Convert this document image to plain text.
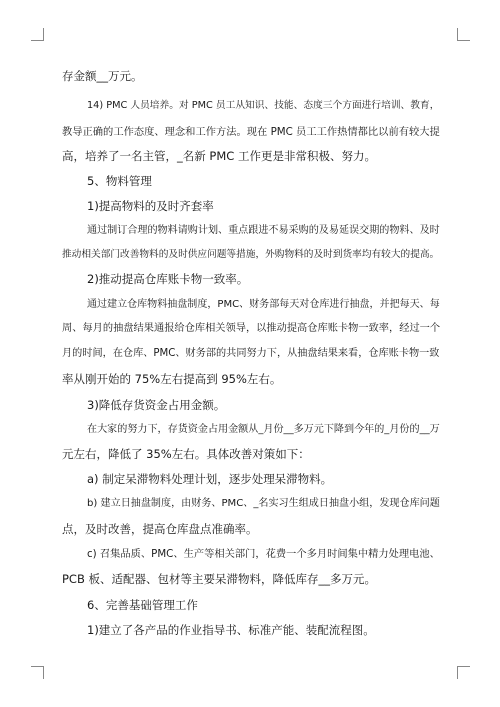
存金额__万元。
14) PMC 人员培养。对 PMC 员工从知识、技能、态度三个方面进行培训、教育，
教导正确的工作态度、理念和工作方法。现在 PMC 员工工作热情都比以前有较大提
高，培养了一名主管，_名新 PMC 工作更是非常积极、努力。
5、物料管理
1)提高物料的及时齐套率
通过制订合理的物料请购计划、重点跟进不易采购的及易延误交期的物料、及时
推动相关部门改善物料的及时供应问题等措施，外购物料的及时到货率均有较大的提高。
2)推动提高仓库账卡物一致率。
通过建立仓库物料抽盘制度，PMC、财务部每天对仓库进行抽盘，并把每天、每
周、每月的抽盘结果通报给仓库相关领导，以推动提高仓库账卡物一致率，经过一个
月的时间，在仓库、PMC、财务部的共同努力下，从抽盘结果来看，仓库账卡物一致
率从刚开始的 75%左右提高到 95%左右。
3)降低存货资金占用金额。
在大家的努力下，存货资金占用金额从_月份__多万元下降到今年的_月份的__万
元左右，降低了 35%左右。具体改善对策如下：
a) 制定呆滞物料处理计划，逐步处理呆滞物料。
b) 建立日抽盘制度，由财务、PMC、_名实习生组成日抽盘小组，发现仓库问题
点，及时改善，提高仓库盘点准确率。
c) 召集品质、PMC、生产等相关部门，花费一个多月时间集中精力处理电池、
PCB 板、适配器、包材等主要呆滞物料，降低库存__多万元。
6、完善基础管理工作
1)建立了各产品的作业指导书、标准产能、装配流程图。
